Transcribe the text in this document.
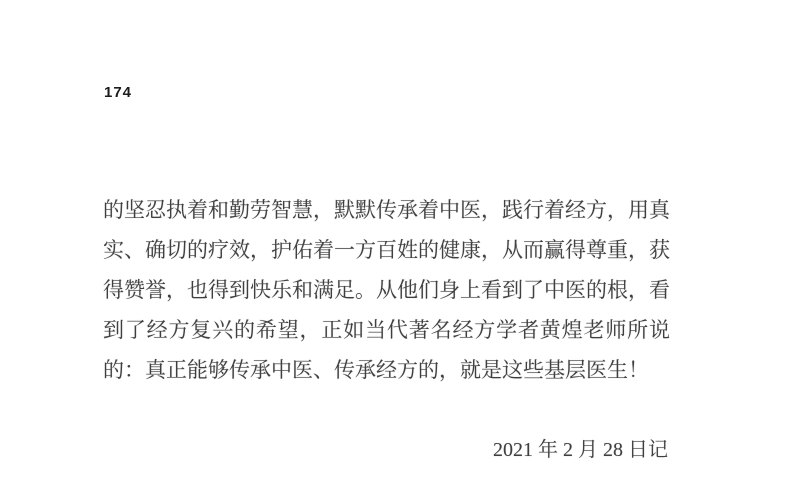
174
的坚忍执着和勤劳智慧，默默传承着中医，践行着经方，用真
实、确切的疗效，护佑着一方百姓的健康，从而赢得尊重，获
得赞誉，也得到快乐和满足。从他们身上看到了中医的根，看
到了经方复兴的希望，正如当代著名经方学者黄煌老师所说
的：真正能够传承中医、传承经方的，就是这些基层医生！
2021 年 2 月 28 日记
